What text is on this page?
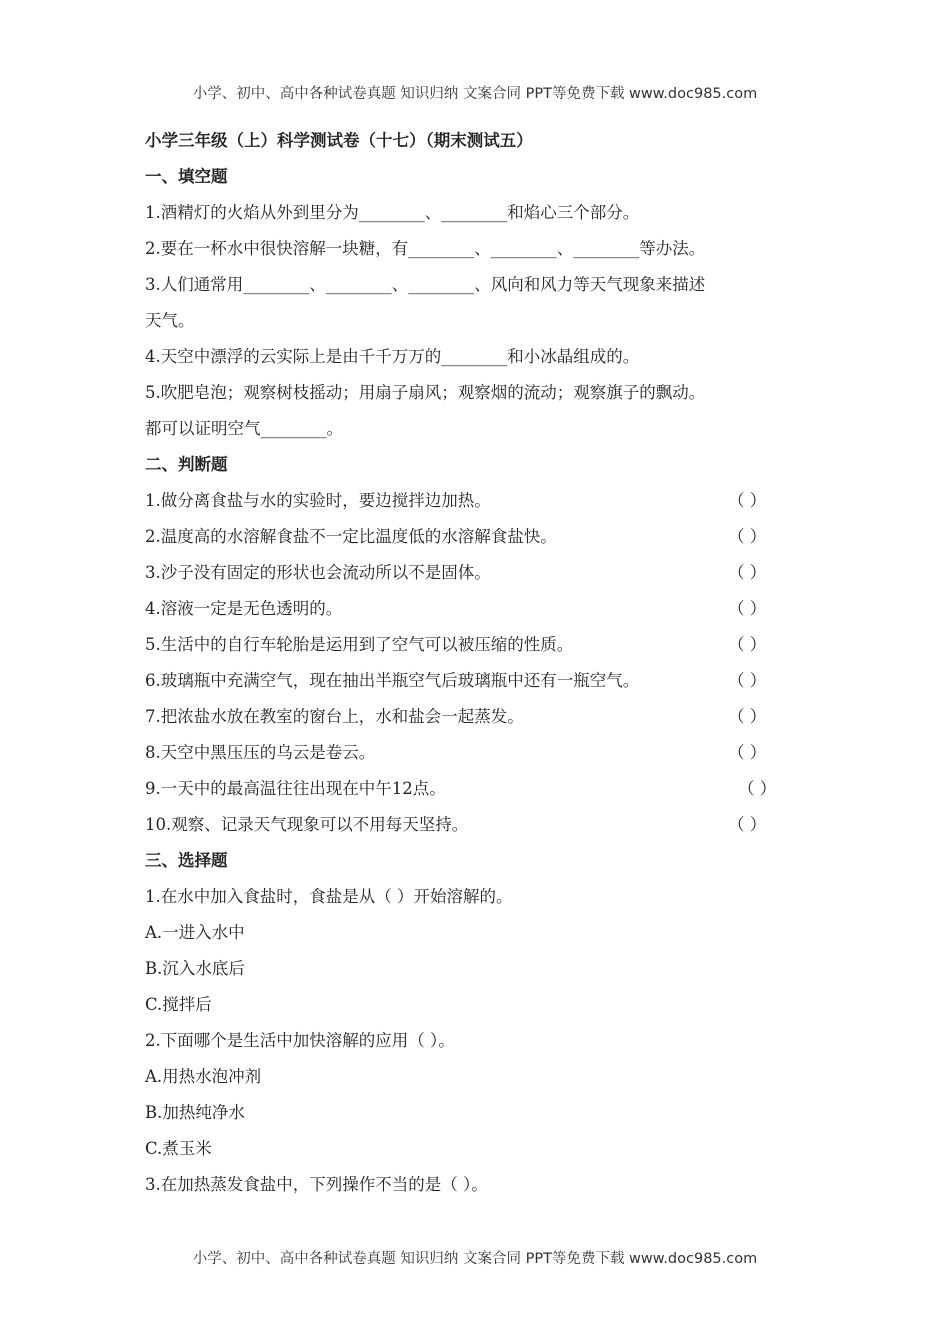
小学、初中、高中各种试卷真题 知识归纳 文案合同 PPT等免费下载 www.doc985.com
小学三年级（上）科学测试卷（十七）（期末测试五）
一、填空题
1.酒精灯的火焰从外到里分为________、________和焰心三个部分。
2.要在一杯水中很快溶解一块糖，有________、________、________等办法。
3.人们通常用________、________、________、风向和风力等天气现象来描述
天气。
4.天空中漂浮的云实际上是由千千万万的________和小冰晶组成的。
5.吹肥皂泡；观察树枝摇动；用扇子扇风；观察烟的流动；观察旗子的飘动。
都可以证明空气________。
二、判断题
1.做分离食盐与水的实验时，要边搅拌边加热。	（ ）
2.温度高的水溶解食盐不一定比温度低的水溶解食盐快。	（ ）
3.沙子没有固定的形状也会流动所以不是固体。	（ ）
4.溶液一定是无色透明的。	（ ）
5.生活中的自行车轮胎是运用到了空气可以被压缩的性质。	（ ）
6.玻璃瓶中充满空气，现在抽出半瓶空气后玻璃瓶中还有一瓶空气。	（ ）
7.把浓盐水放在教室的窗台上，水和盐会一起蒸发。	（ ）
8.天空中黑压压的乌云是卷云。	（ ）
9.一天中的最高温往往出现在中午12点。	（ ）
10.观察、记录天气现象可以不用每天坚持。	（ ）
三、选择题
1.在水中加入食盐时，食盐是从（ ）开始溶解的。
A.一进入水中
B.沉入水底后
C.搅拌后
2.下面哪个是生活中加快溶解的应用（ ）。
A.用热水泡冲剂
B.加热纯净水
C.煮玉米
3.在加热蒸发食盐中，下列操作不当的是（ ）。
小学、初中、高中各种试卷真题 知识归纳 文案合同 PPT等免费下载 www.doc985.com
